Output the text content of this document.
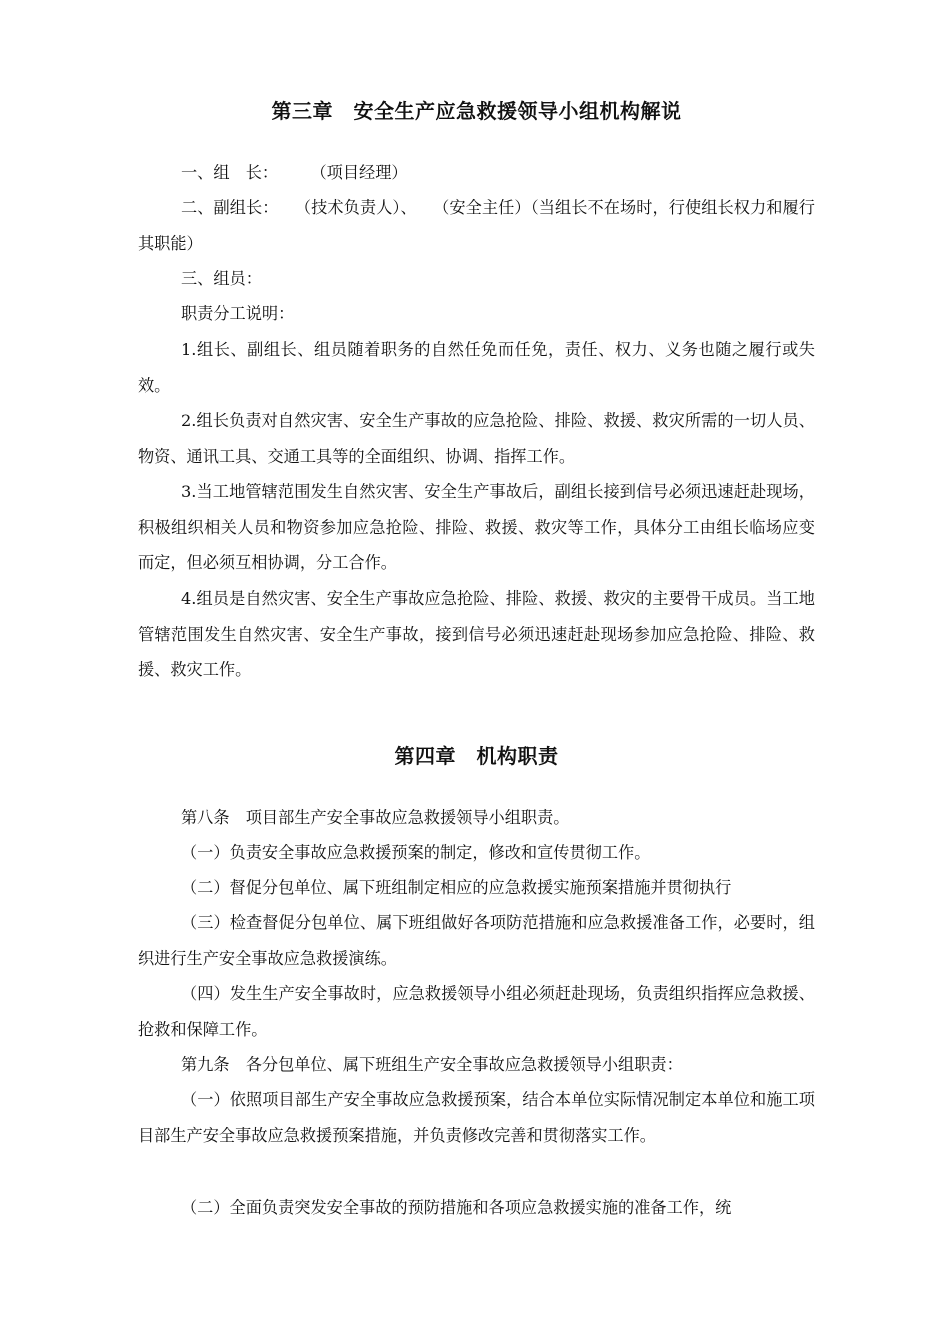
第三章　安全生产应急救援领导小组机构解说
一、组　长：　　　（项目经理）
二、副组长：　　（技术负责人）、　　（安全主任）（当组长不在场时，行使组长权力和履行其职能）
三、组员：
职责分工说明：
1.组长、副组长、组员随着职务的自然任免而任免，责任、权力、义务也随之履行或失效。
2.组长负责对自然灾害、安全生产事故的应急抢险、排险、救援、救灾所需的一切人员、物资、通讯工具、交通工具等的全面组织、协调、指挥工作。
3.当工地管辖范围发生自然灾害、安全生产事故后，副组长接到信号必须迅速赶赴现场，积极组织相关人员和物资参加应急抢险、排险、救援、救灾等工作，具体分工由组长临场应变而定，但必须互相协调，分工合作。
4.组员是自然灾害、安全生产事故应急抢险、排险、救援、救灾的主要骨干成员。当工地管辖范围发生自然灾害、安全生产事故，接到信号必须迅速赶赴现场参加应急抢险、排险、救援、救灾工作。
第四章　机构职责
第八条　项目部生产安全事故应急救援领导小组职责。
（一）负责安全事故应急救援预案的制定，修改和宣传贯彻工作。
（二）督促分包单位、属下班组制定相应的应急救援实施预案措施并贯彻执行
（三）检查督促分包单位、属下班组做好各项防范措施和应急救援准备工作，必要时，组织进行生产安全事故应急救援演练。
（四）发生生产安全事故时，应急救援领导小组必须赶赴现场，负责组织指挥应急救援、抢救和保障工作。
第九条　各分包单位、属下班组生产安全事故应急救援领导小组职责：
（一）依照项目部生产安全事故应急救援预案，结合本单位实际情况制定本单位和施工项目部生产安全事故应急救援预案措施，并负责修改完善和贯彻落实工作。
（二）全面负责突发安全事故的预防措施和各项应急救援实施的准备工作，统
